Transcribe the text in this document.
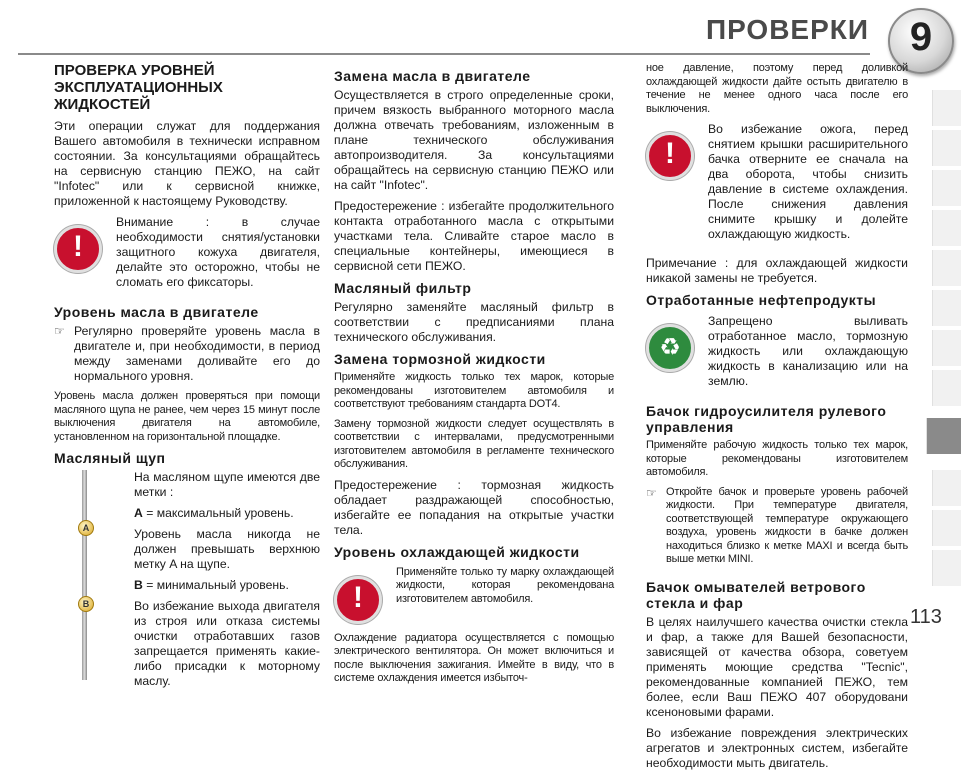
ПРОВЕРКИ	9
ПРОВЕРКА УРОВНЕЙ ЭКСПЛУАТАЦИОННЫХ ЖИДКОСТЕЙ

Эти операции служат для поддержания Вашего автомобиля в технически исправном состоянии. За консультациями обращайтесь на сервисную станцию ПЕЖО, на сайт "Infotec" или к сервисной книжке, приложенной к настоящему Руководству.

!

Внимание : в случае необходимости снятия/установки защитного кожуха двигателя, делайте это осторожно, чтобы не сломать его фиксаторы.

Уровень масла в двигателе
☞ Регулярно проверяйте уровень масла в двигателе и, при необходимости, в период между заменами доливайте его до нормального уровня.

Уровень масла должен проверяться при помощи масляного щупа не ранее, чем через 15 минут после выключения двигателя на автомобиле, установленном на горизонтальной площадке.

Масляный щуп
A
B

На масляном щупе имеются две метки :

A = максимальный уровень.

Уровень масла никогда не должен превышать верхнюю метку A на щупе.

B = минимальный уровень.

Во избежание выхода двигателя из строя или отказа системы очистки отработавших газов запрещается применять какие-либо присадки к моторному маслу.

Замена масла в двигателе

Осуществляется в строго определенные сроки, причем вязкость выбранного моторного масла должна отвечать требованиям, изложенным в плане технического обслуживания автопроизводителя. За консультациями обращайтесь на сервисную станцию ПЕЖО или на сайт "Infotec".

Предостережение : избегайте продолжительного контакта отработанного масла с открытыми участками тела. Сливайте старое масло в специальные контейнеры, имеющиеся в сервисной сети ПЕЖО.

Масляный фильтр

Регулярно заменяйте масляный фильтр в соответствии с предписаниями плана технического обслуживания.

Замена тормозной жидкости

Применяйте жидкость только тех марок, которые рекомендованы изготовителем автомобиля и соответствуют требованиям стандарта DOT4.

Замену тормозной жидкости следует осуществлять в соответствии с интервалами, предусмотренными изготовителем автомобиля в регламенте технического обслуживания.

Предостережение : тормозная жидкость обладает раздражающей способностью, избегайте ее попадания на открытые участки тела.

Уровень охлаждающей жидкости
!

Применяйте только ту марку охлаждающей жидкости, которая рекомендована изготовителем автомобиля.

Охлаждение радиатора осуществляется с помощью электрического вентилятора. Он может включиться и после выключения зажигания. Имейте в виду, что в системе охлаждения имеется избыточ-

ное давление, поэтому перед доливкой охлаждающей жидкости дайте остыть двигателю в течение не менее одного часа после его выключения.

!

Во избежание ожога, перед снятием крышки расширительного бачка отверните ее сначала на два оборота, чтобы снизить давление в системе охлаждения. После снижения давления снимите крышку и долейте охлаждающую жидкость.

Примечание : для охлаждающей жидкости никакой замены не требуется.

Отработанные нефтепродукты
♻

Запрещено выливать отработанное масло, тормозную жидкость или охлаждающую жидкость в канализацию или на землю.

Бачок гидроусилителя рулевого управления

Применяйте рабочую жидкость только тех марок, которые рекомендованы изготовителем автомобиля.

☞ Откройте бачок и проверьте уровень рабочей жидкости. При температуре двигателя, соответствующей температуре окружающего воздуха, уровень жидкости в бачке должен находиться близко к метке MAXI и всегда быть выше метки MINI.

Бачок омывателей ветрового стекла и фар

В целях наилучшего качества очистки стекла и фар, а также для Вашей безопасности, зависящей от качества обзора, советуем применять моющие средства "Tecnic", рекомендованные компанией ПЕЖО, тем более, если Ваш ПЕЖО 407 оборудовани ксеноновыми фарами.

Во избежание повреждения электрических агрегатов и электронных систем, избегайте необходимости мыть двигатель.

113
